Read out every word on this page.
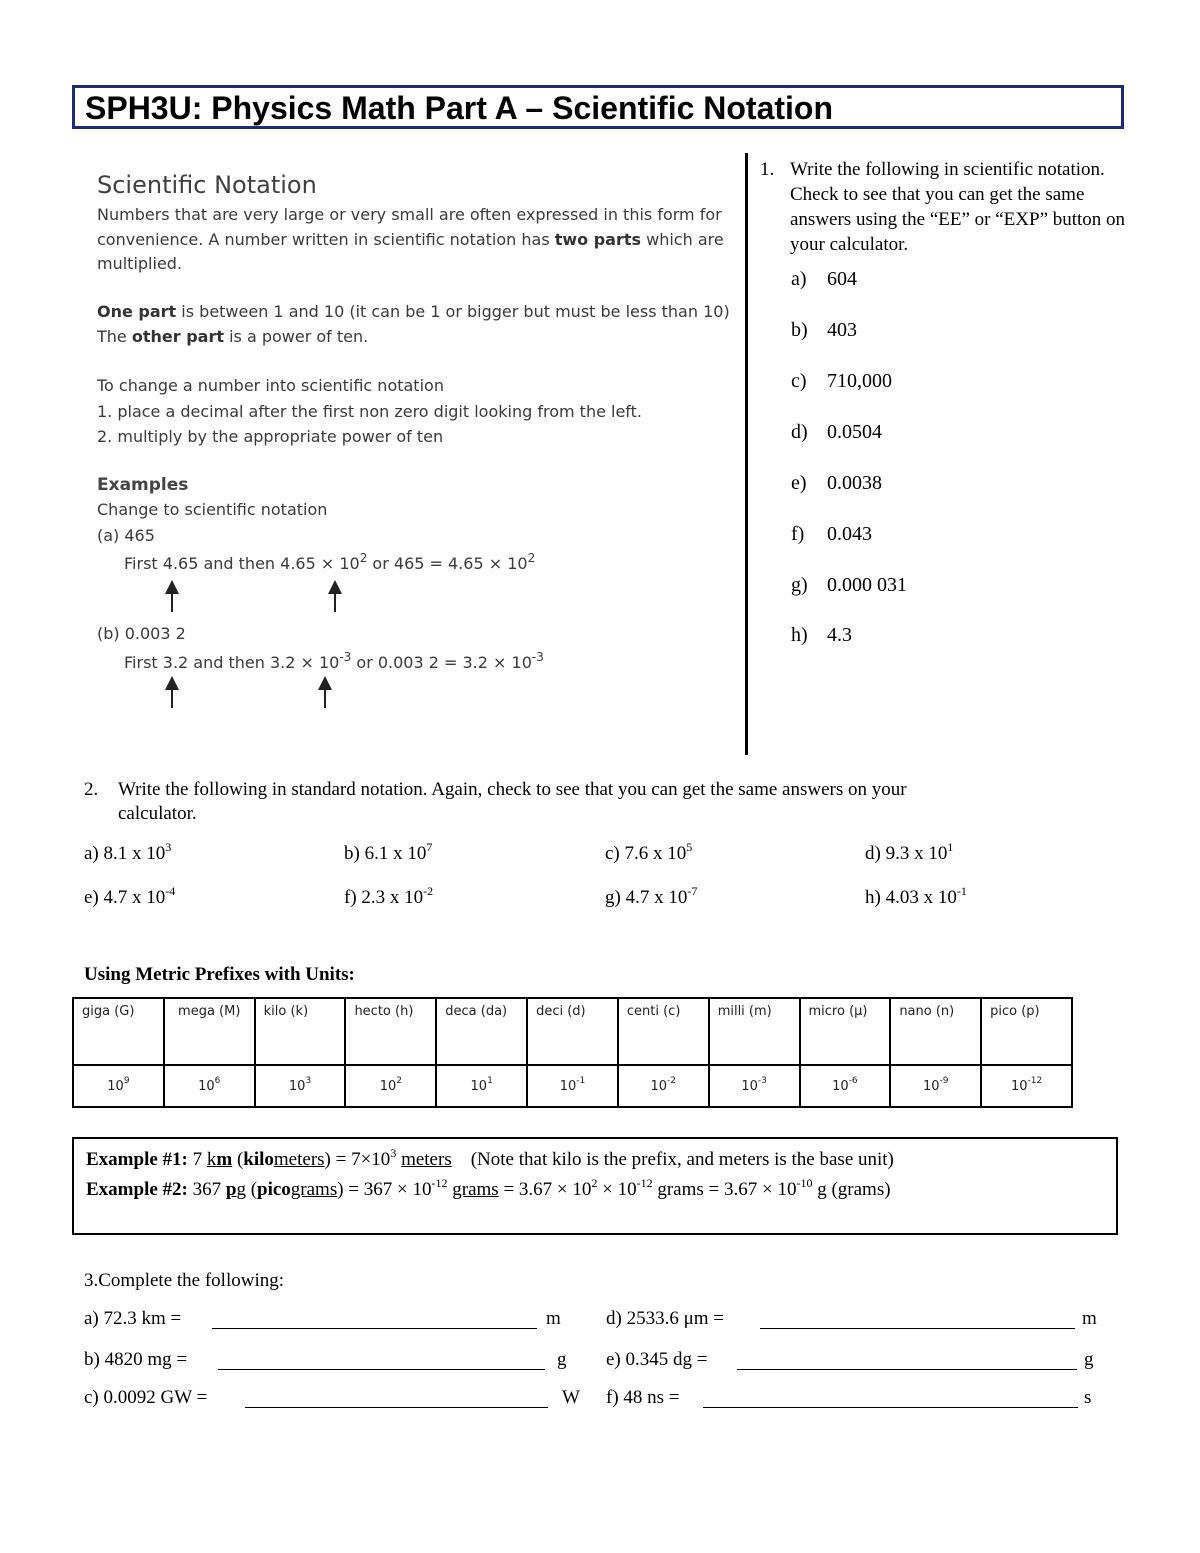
SPH3U: Physics Math Part A – Scientific Notation
Scientific Notation
Numbers that are very large or very small are often expressed in this form for
convenience. A number written in scientific notation has two parts which are
multiplied.
One part is between 1 and 10 (it can be 1 or bigger but must be less than 10)
The other part is a power of ten.
To change a number into scientific notation
1. place a decimal after the first non zero digit looking from the left.
2. multiply by the appropriate power of ten
Examples
Change to scientific notation
(a) 465
First 4.65 and then $4.65 \times 10^2$ or $465 = 4.65 \times 10^2$
(b) 0.003 2
First 3.2 and then $3.2 \times 10^{-3}$ or 0.003 $2 = 3.2 \times 10^{-3}$
1. Write the following in scientific notation. Check to see that you can get the same answers using the “EE” or “EXP” button on your calculator.
a) 604
b) 403
c) 710,000
d) 0.0504
e) 0.0038
f) 0.043
g) 0.000 031
h) 4.3
2. Write the following in standard notation. Again, check to see that you can get the same answers on your
calculator.
a) 8.1 x $10^3$	b) 6.1 x $10^7$	c) 7.6 x $10^5$	d) 9.3 x $10^1$
e) 4.7 x $10^{-4}$	f) 2.3 x $10^{-2}$	g) 4.7 x $10^{-7}$	h) 4.03 x $10^{-1}$
Using Metric Prefixes with Units:
giga (G)	mega (M)	kilo (k)	hecto (h)	deca (da)	deci (d)	centi (c)	milli (m)	micro (μ)	nano (n)	pico (p)
$10^9$	$10^6$	$10^3$	$10^2$	$10^1$	$10^{-1}$	$10^{-2}$	$10^{-3}$	$10^{-6}$	$10^{-9}$	$10^{-12}$
Example #1: 7 km (kilometers) = $7\times 10^3$ meters    (Note that kilo is the prefix, and meters is the base unit)
Example #2: 367 pg (picograms) = $367 \times 10^{-12}$ grams = $3.67 \times 10^2 \times 10^{-12}$ grams = $3.67 \times 10^{-10}$ g (grams)
3.Complete the following:
a) 72.3 km =	m
b) 4820 mg =	g
c) 0.0092 GW =	W
d) 2533.6 μm =	m
e) 0.345 dg =	g
f) 48 ns =	s
